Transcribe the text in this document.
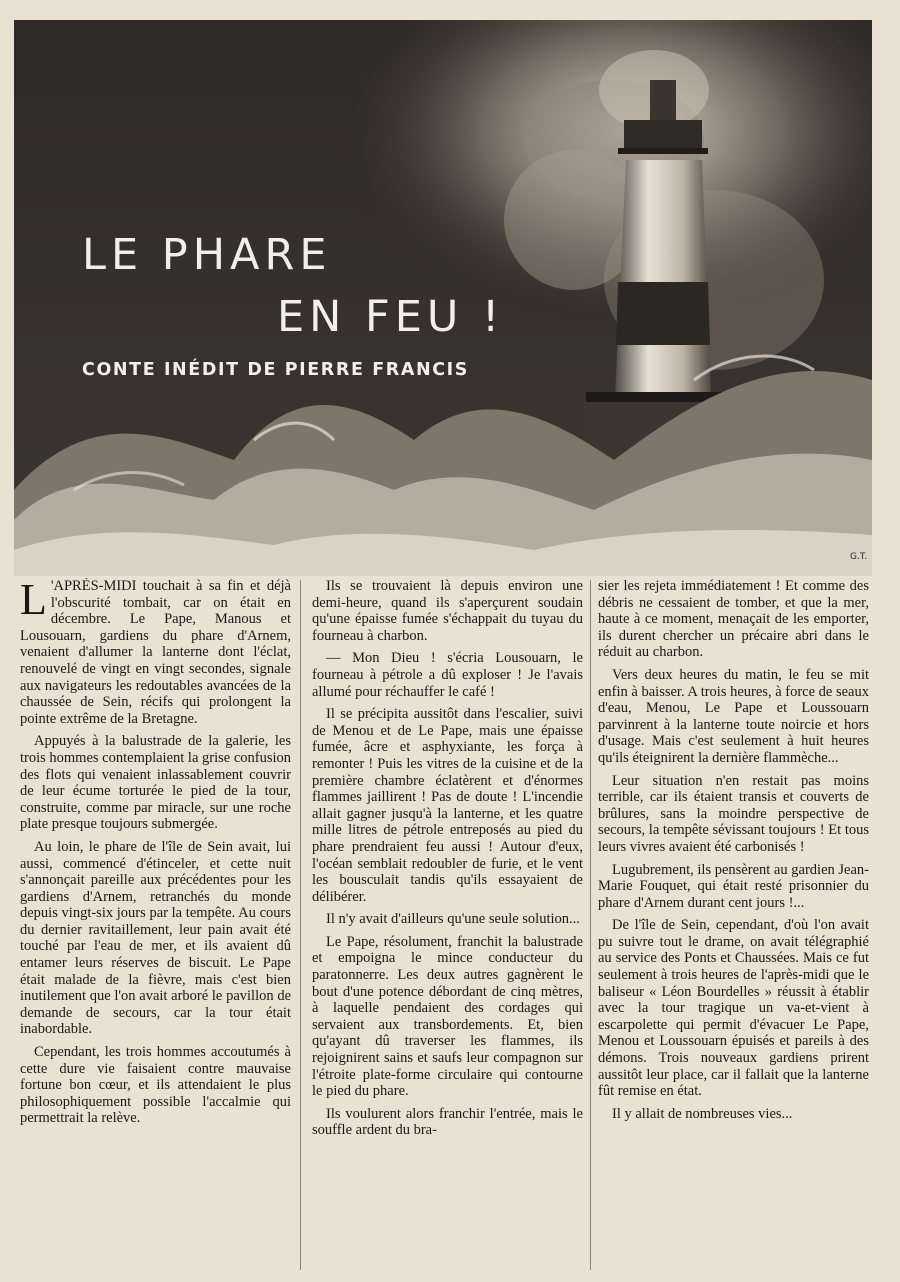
LE PHARE
EN FEU !
CONTE INÉDIT DE PIERRE FRANCIS
G.T.

L 'APRÈS-MIDI touchait à sa fin et déjà l'obscurité tombait, car on était en décembre. Le Pape, Manous et Lousouarn, gardiens du phare d'Arnem, venaient d'allumer la lanterne dont l'éclat, renouvelé de vingt en vingt secondes, signale aux navigateurs les redoutables avancées de la chaussée de Sein, récifs qui prolongent la pointe extrême de la Bretagne.

Appuyés à la balustrade de la galerie, les trois hommes contemplaient la grise confusion des flots qui venaient inlassablement couvrir de leur écume torturée le pied de la tour, construite, comme par miracle, sur une roche plate presque toujours submergée.

Au loin, le phare de l'île de Sein avait, lui aussi, commencé d'étinceler, et cette nuit s'annonçait pareille aux précédentes pour les gardiens d'Arnem, retranchés du monde depuis vingt-six jours par la tempête. Au cours du dernier ravitaillement, leur pain avait été touché par l'eau de mer, et ils avaient dû entamer leurs réserves de biscuit. Le Pape était malade de la fièvre, mais c'est bien inutilement que l'on avait arboré le pavillon de demande de secours, car la tour était inabordable.

Cependant, les trois hommes accoutumés à cette dure vie faisaient contre mauvaise fortune bon cœur, et ils attendaient le plus philosophiquement possible l'accalmie qui permettrait la relève.

Ils se trouvaient là depuis environ une demi-heure, quand ils s'aperçurent soudain qu'une épaisse fumée s'échappait du tuyau du fourneau à charbon.

— Mon Dieu ! s'écria Lousouarn, le fourneau à pétrole a dû exploser ! Je l'avais allumé pour réchauffer le café !

Il se précipita aussitôt dans l'escalier, suivi de Menou et de Le Pape, mais une épaisse fumée, âcre et asphyxiante, les força à remonter ! Puis les vitres de la cuisine et de la première chambre éclatèrent et d'énormes flammes jaillirent ! Pas de doute ! L'incendie allait gagner jusqu'à la lanterne, et les quatre mille litres de pétrole entreposés au pied du phare prendraient feu aussi ! Autour d'eux, l'océan semblait redoubler de furie, et le vent les bousculait tandis qu'ils essayaient de délibérer.

Il n'y avait d'ailleurs qu'une seule solution...

Le Pape, résolument, franchit la balustrade et empoigna le mince conducteur du paratonnerre. Les deux autres gagnèrent le bout d'une potence débordant de cinq mètres, à laquelle pendaient des cordages qui servaient aux transbordements. Et, bien qu'ayant dû traverser les flammes, ils rejoignirent sains et saufs leur compagnon sur l'étroite plate-forme circulaire qui contourne le pied du phare.

Ils voulurent alors franchir l'entrée, mais le souffle ardent du bra-

sier les rejeta immédiatement ! Et comme des débris ne cessaient de tomber, et que la mer, haute à ce moment, menaçait de les emporter, ils durent chercher un précaire abri dans le réduit au charbon.

Vers deux heures du matin, le feu se mit enfin à baisser. A trois heures, à force de seaux d'eau, Menou, Le Pape et Loussouarn parvinrent à la lanterne toute noircie et hors d'usage. Mais c'est seulement à huit heures qu'ils éteignirent la dernière flammèche...

Leur situation n'en restait pas moins terrible, car ils étaient transis et couverts de brûlures, sans la moindre perspective de secours, la tempête sévissant toujours ! Et tous leurs vivres avaient été carbonisés !

Lugubrement, ils pensèrent au gardien Jean-Marie Fouquet, qui était resté prisonnier du phare d'Arnem durant cent jours !...

De l'île de Sein, cependant, d'où l'on avait pu suivre tout le drame, on avait télégraphié au service des Ponts et Chaussées. Mais ce fut seulement à trois heures de l'après-midi que le baliseur « Léon Bourdelles » réussit à établir avec la tour tragique un va-et-vient à escarpolette qui permit d'évacuer Le Pape, Menou et Loussouarn épuisés et pareils à des démons. Trois nouveaux gardiens prirent aussitôt leur place, car il fallait que la lanterne fût remise en état.

Il y allait de nombreuses vies...
